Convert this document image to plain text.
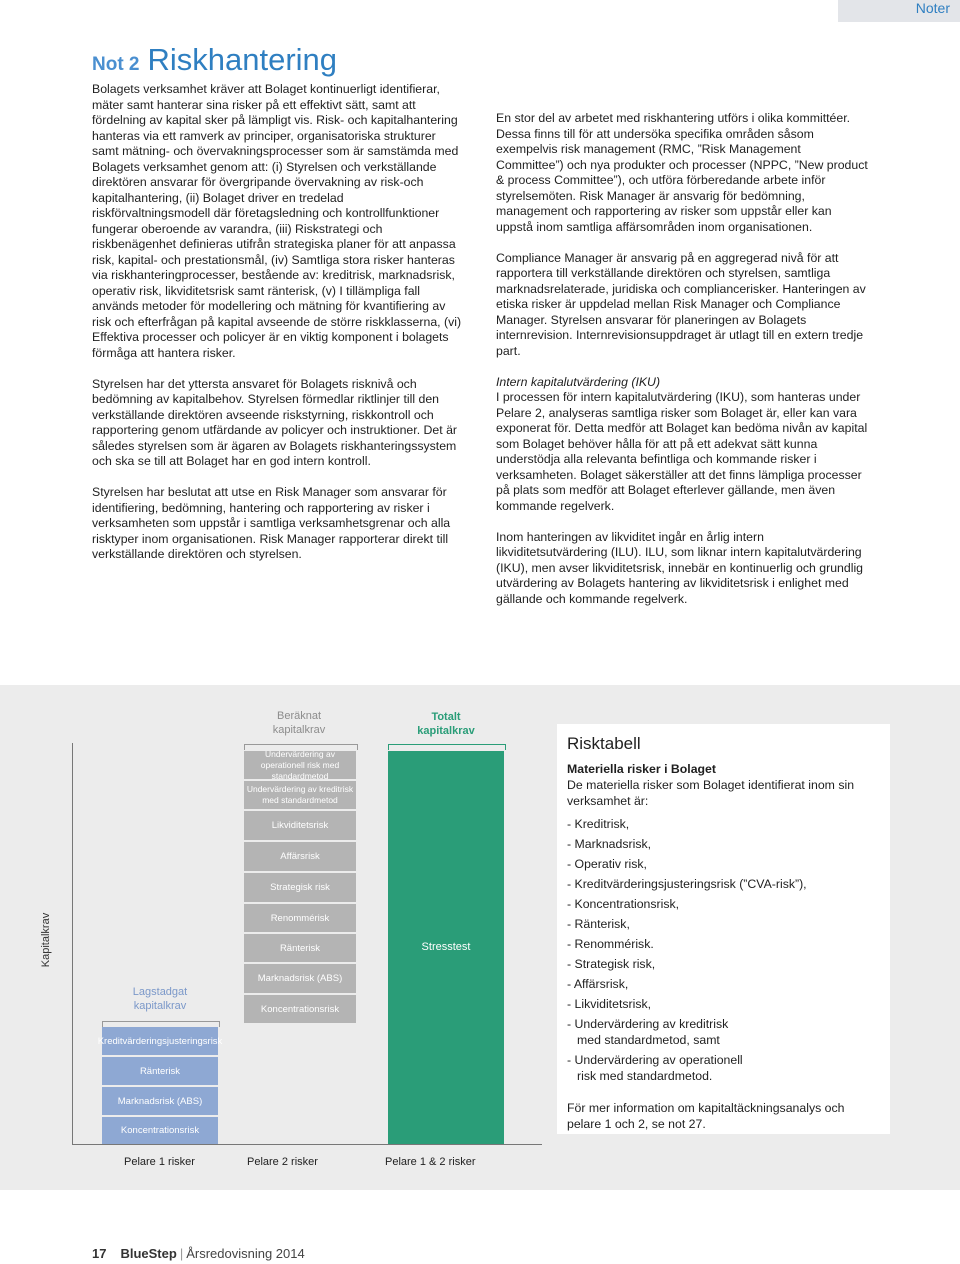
Noter
Not 2 Riskhantering

Bolagets verksamhet kräver att Bolaget kontinuerligt identifierar, mäter samt hanterar sina risker på ett effektivt sätt, samt att fördelning av kapital sker på lämpligt vis. Risk- och kapitalhantering hanteras via ett ramverk av principer, organisatoriska strukturer samt mätning- och övervakningsprocesser som är samstämda med Bolagets verksamhet genom att: (i) Styrelsen och verkställande direktören ansvarar för övergripande övervakning av risk-och kapitalhantering, (ii) Bolaget driver en tredelad riskförvaltningsmodell där företagsledning och kontrollfunktioner fungerar oberoende av varandra, (iii) Riskstrategi och riskbenägenhet definieras utifrån strategiska planer för att anpassa risk, kapital- och prestationsmål, (iv) Samtliga stora risker hanteras via riskhanteringprocesser, bestående av: kreditrisk, marknadsrisk, operativ risk, likviditetsrisk samt ränterisk, (v) I tillämpliga fall används metoder för modellering och mätning för kvantifiering av risk och efterfrågan på kapital avseende de större riskklasserna, (vi) Effektiva processer och policyer är en viktig komponent i bolagets förmåga att hantera risker.

Styrelsen har det yttersta ansvaret för Bolagets risknivå och bedömning av kapitalbehov. Styrelsen förmedlar riktlinjer till den verkställande direktören avseende riskstyrning, riskkontroll och rapportering genom utfärdande av policyer och instruktioner. Det är således styrelsen som är ägaren av Bolagets riskhanteringssystem och ska se till att Bolaget har en god intern kontroll.

Styrelsen har beslutat att utse en Risk Manager som ansvarar för identifiering, bedömning, hantering och rapportering av risker i verksamheten som uppstår i samtliga verksamhetsgrenar och alla risktyper inom organisationen. Risk Manager rapporterar direkt till verkställande direktören och styrelsen.

En stor del av arbetet med riskhantering utförs i olika kommittéer. Dessa finns till för att undersöka specifika områden såsom exempelvis risk management (RMC, ”Risk Management Committee”) och nya produkter och processer (NPPC, ”New product & process Committee”), och utföra förberedande arbete inför styrelsemöten. Risk Manager är ansvarig för bedömning, management och rapportering av risker som uppstår eller kan uppstå inom samtliga affärsområden inom organisationen.

Compliance Manager är ansvarig på en aggregerad nivå för att rapportera till verkställande direktören och styrelsen, samtliga marknadsrelaterade, juridiska och compliancerisker. Hanteringen av etiska risker är uppdelad mellan Risk Manager och Compliance Manager. Styrelsen ansvarar för planeringen av Bolagets internrevision. Internrevisionsuppdraget är utlagt till en extern tredje part.

Intern kapitalutvärdering (IKU)

I processen för intern kapitalutvärdering (IKU), som hanteras under Pelare 2, analyseras samtliga risker som Bolaget är, eller kan vara exponerat för. Detta medför att Bolaget kan bedöma nivån av kapital som Bolaget behöver hålla för att på ett adekvat sätt kunna understödja alla relevanta befintliga och kommande risker i verksamheten. Bolaget säkerställer att det finns lämpliga processer på plats som medför att Bolaget efterlever gällande, men även kommande regelverk.

Inom hanteringen av likviditet ingår en årlig intern likviditetsutvärdering (ILU). ILU, som liknar intern kapitalutvärdering (IKU), men avser likviditetsrisk, innebär en kontinuerlig och grundlig utvärdering av Bolagets hantering av likviditetsrisk i enlighet med gällande och kommande regelverk.

Kapitalkrav
Lagstadgat
kapitalkrav
Kreditvärderingsjusteringsrisk
Ränterisk
Marknadsrisk (ABS)
Koncentrationsrisk
Beräknat
kapitalkrav
Undervärdering av operationell risk med standardmetod
Undervärdering av kreditrisk med standardmetod
Likviditetsrisk
Affärsrisk
Strategisk risk
Renommérisk
Ränterisk
Marknadsrisk (ABS)
Koncentrationsrisk
Totalt
kapitalkrav
Stresstest
Pelare 1 risker	Pelare 2 risker	Pelare 1 & 2 risker
Risktabell
Materiella risker i Bolaget
De materiella risker som Bolaget identifierat inom sin verksamhet är:
- Kreditrisk,
- Marknadsrisk,
- Operativ risk,
- Kreditvärderingsjusteringsrisk (”CVA-risk”),
- Koncentrationsrisk,
- Ränterisk,
- Renommérisk.
- Strategisk risk,
- Affärsrisk,
- Likviditetsrisk,
- Undervärdering av kreditrisk
med standardmetod, samt
- Undervärdering av operationell
risk med standardmetod.
För mer information om kapitaltäckningsanalys och pelare 1 och 2, se not 27.
17 BlueStep | Årsredovisning 2014
